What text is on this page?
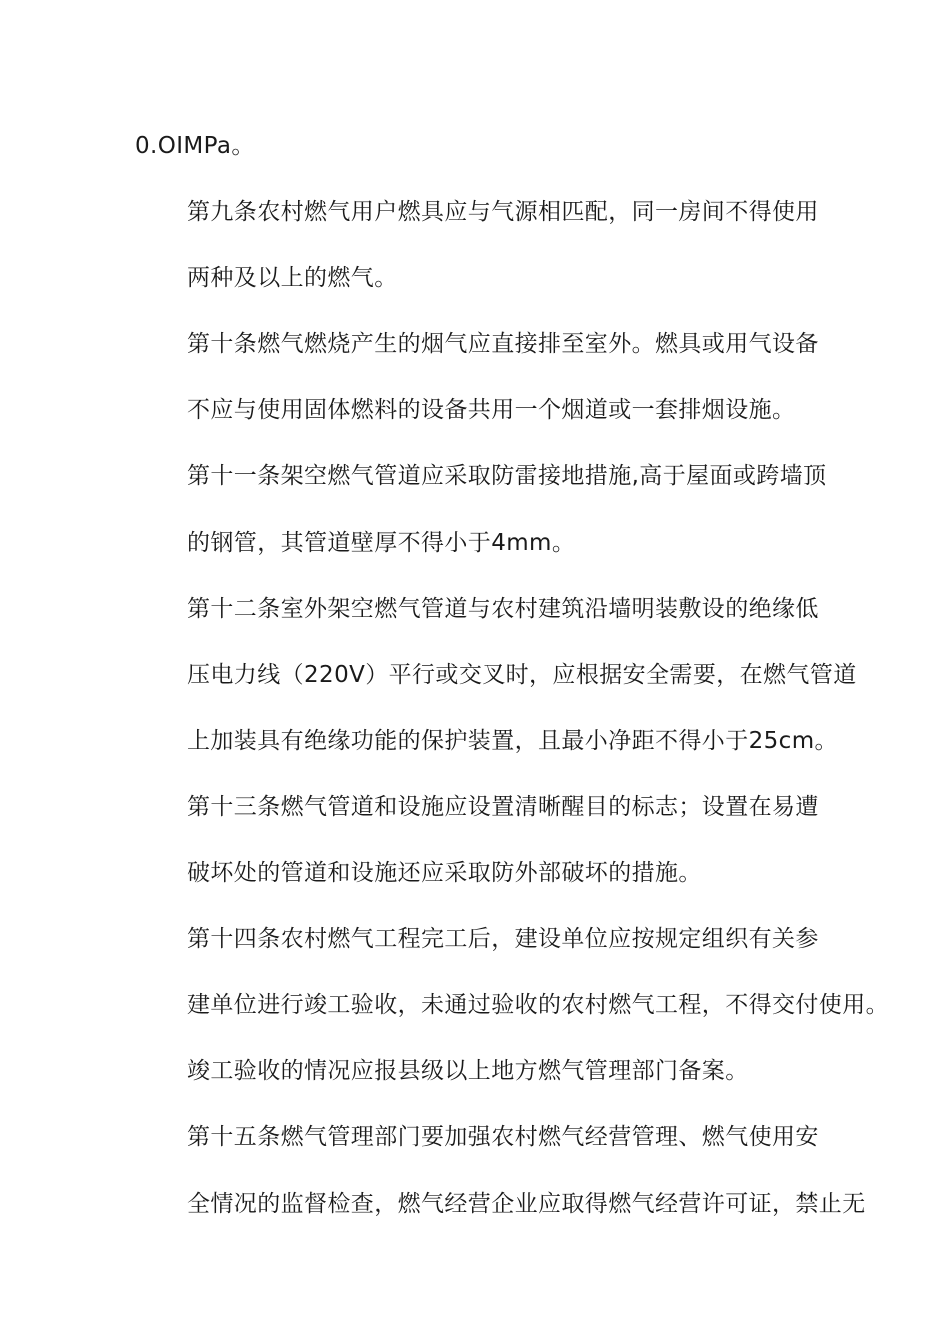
0.OIMPa。

第九条农村燃气用户燃具应与气源相匹配，同一房间不得使用
两种及以上的燃气。

第十条燃气燃烧产生的烟气应直接排至室外。燃具或用气设备
不应与使用固体燃料的设备共用一个烟道或一套排烟设施。

第十一条架空燃气管道应采取防雷接地措施,高于屋面或跨墙顶
的钢管，其管道壁厚不得小于4mm。

第十二条室外架空燃气管道与农村建筑沿墙明装敷设的绝缘低
压电力线（220V）平行或交叉时，应根据安全需要，在燃气管道
上加装具有绝缘功能的保护装置，且最小净距不得小于25cm。

第十三条燃气管道和设施应设置清晰醒目的标志；设置在易遭
破坏处的管道和设施还应采取防外部破坏的措施。

第十四条农村燃气工程完工后，建设单位应按规定组织有关参
建单位进行竣工验收，未通过验收的农村燃气工程，不得交付使用。
竣工验收的情况应报县级以上地方燃气管理部门备案。

第十五条燃气管理部门要加强农村燃气经营管理、燃气使用安
全情况的监督检查，燃气经营企业应取得燃气经营许可证，禁止无
